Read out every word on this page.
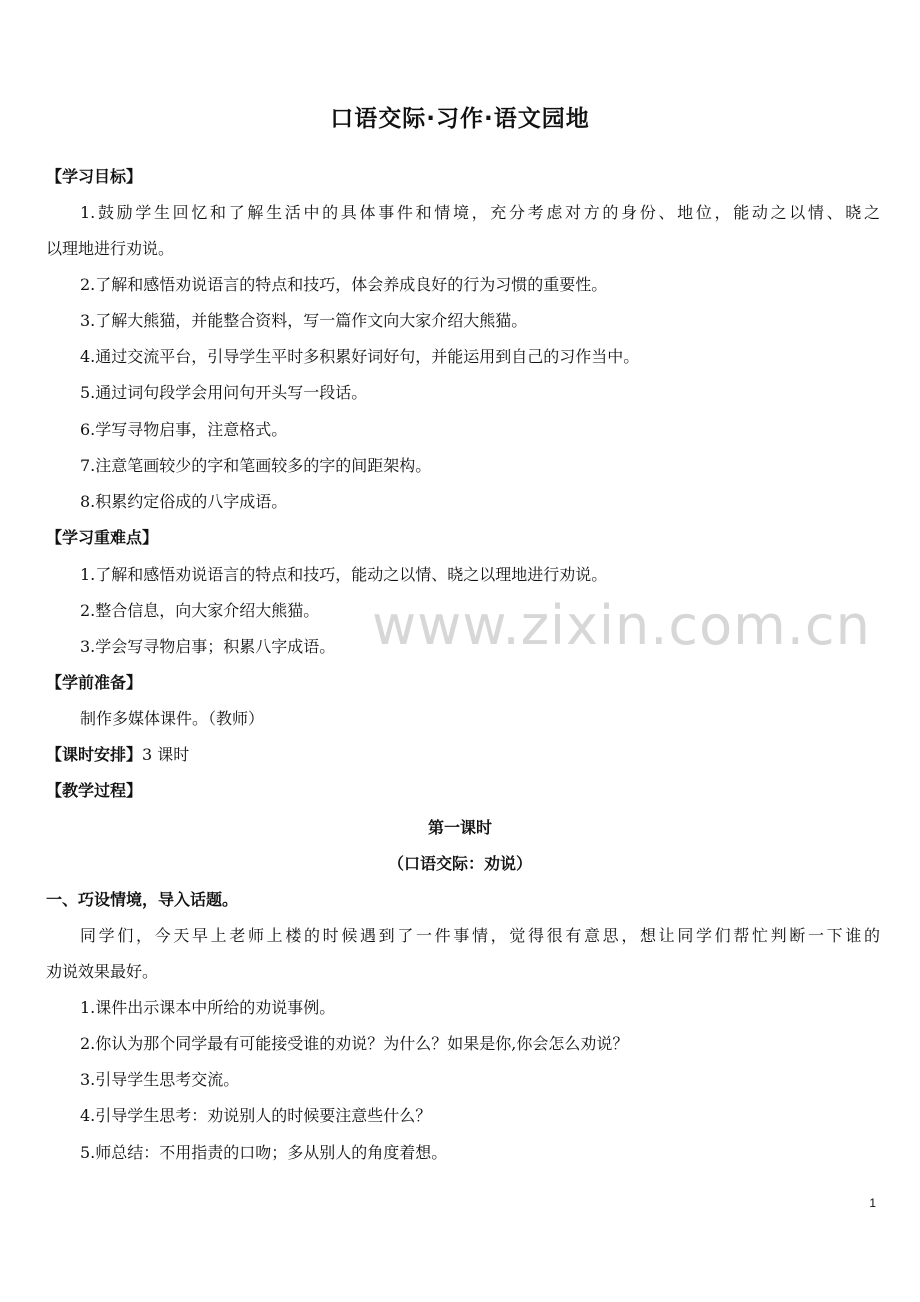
口语交际·习作·语文园地
【学习目标】
1.鼓励学生回忆和了解生活中的具体事件和情境，充分考虑对方的身份、地位，能动之以情、晓之
以理地进行劝说。
2.了解和感悟劝说语言的特点和技巧，体会养成良好的行为习惯的重要性。
3.了解大熊猫，并能整合资料，写一篇作文向大家介绍大熊猫。
4.通过交流平台，引导学生平时多积累好词好句，并能运用到自己的习作当中。
5.通过词句段学会用问句开头写一段话。
6.学写寻物启事，注意格式。
7.注意笔画较少的字和笔画较多的字的间距架构。
8.积累约定俗成的八字成语。
【学习重难点】
1.了解和感悟劝说语言的特点和技巧，能动之以情、晓之以理地进行劝说。
2.整合信息，向大家介绍大熊猫。
3.学会写寻物启事；积累八字成语。
【学前准备】
制作多媒体课件。（教师）
【课时安排】3 课时
【教学过程】
第一课时
（口语交际：劝说）
一、巧设情境，导入话题。
同学们，今天早上老师上楼的时候遇到了一件事情，觉得很有意思，想让同学们帮忙判断一下谁的
劝说效果最好。
1.课件出示课本中所给的劝说事例。
2.你认为那个同学最有可能接受谁的劝说？为什么？如果是你,你会怎么劝说？
3.引导学生思考交流。
4.引导学生思考：劝说别人的时候要注意些什么？
5.师总结：不用指责的口吻；多从别人的角度着想。
www.zixin.com.cn
1
